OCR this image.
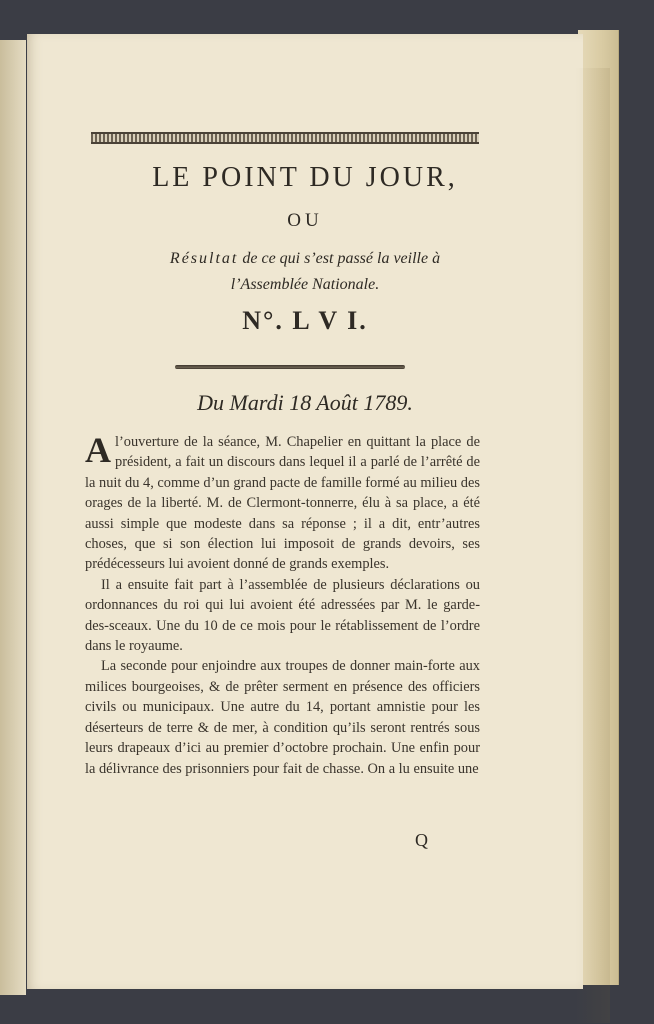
LE POINT DU JOUR,
OU
Résultat de ce qui s’est passé la veille à
l’Assemblée Nationale.
N°. L V I.
Du Mardi 18 Août 1789.

A l’ouverture de la séance, M. Chapelier en quittant la place de président, a fait un discours dans lequel il a parlé de l’arrêté de la nuit du 4, comme d’un grand pacte de famille formé au milieu des orages de la liberté. M. de Clermont-tonnerre, élu à sa place, a été aussi simple que modeste dans sa réponse ; il a dit, entr’autres choses, que si son élection lui imposoit de grands devoirs, ses prédécesseurs lui avoient donné de grands exemples.

Il a ensuite fait part à l’assemblée de plusieurs déclarations ou ordonnances du roi qui lui avoient été adressées par M. le garde-des-sceaux. Une du 10 de ce mois pour le rétablissement de l’ordre dans le royaume.

La seconde pour enjoindre aux troupes de donner main-forte aux milices bourgeoises, & de prêter serment en présence des officiers civils ou municipaux. Une autre du 14, portant amnistie pour les déserteurs de terre & de mer, à condition qu’ils seront rentrés sous leurs drapeaux d’ici au premier d’octobre prochain. Une enfin pour la délivrance des prisonniers pour fait de chasse. On a lu ensuite une

Q
